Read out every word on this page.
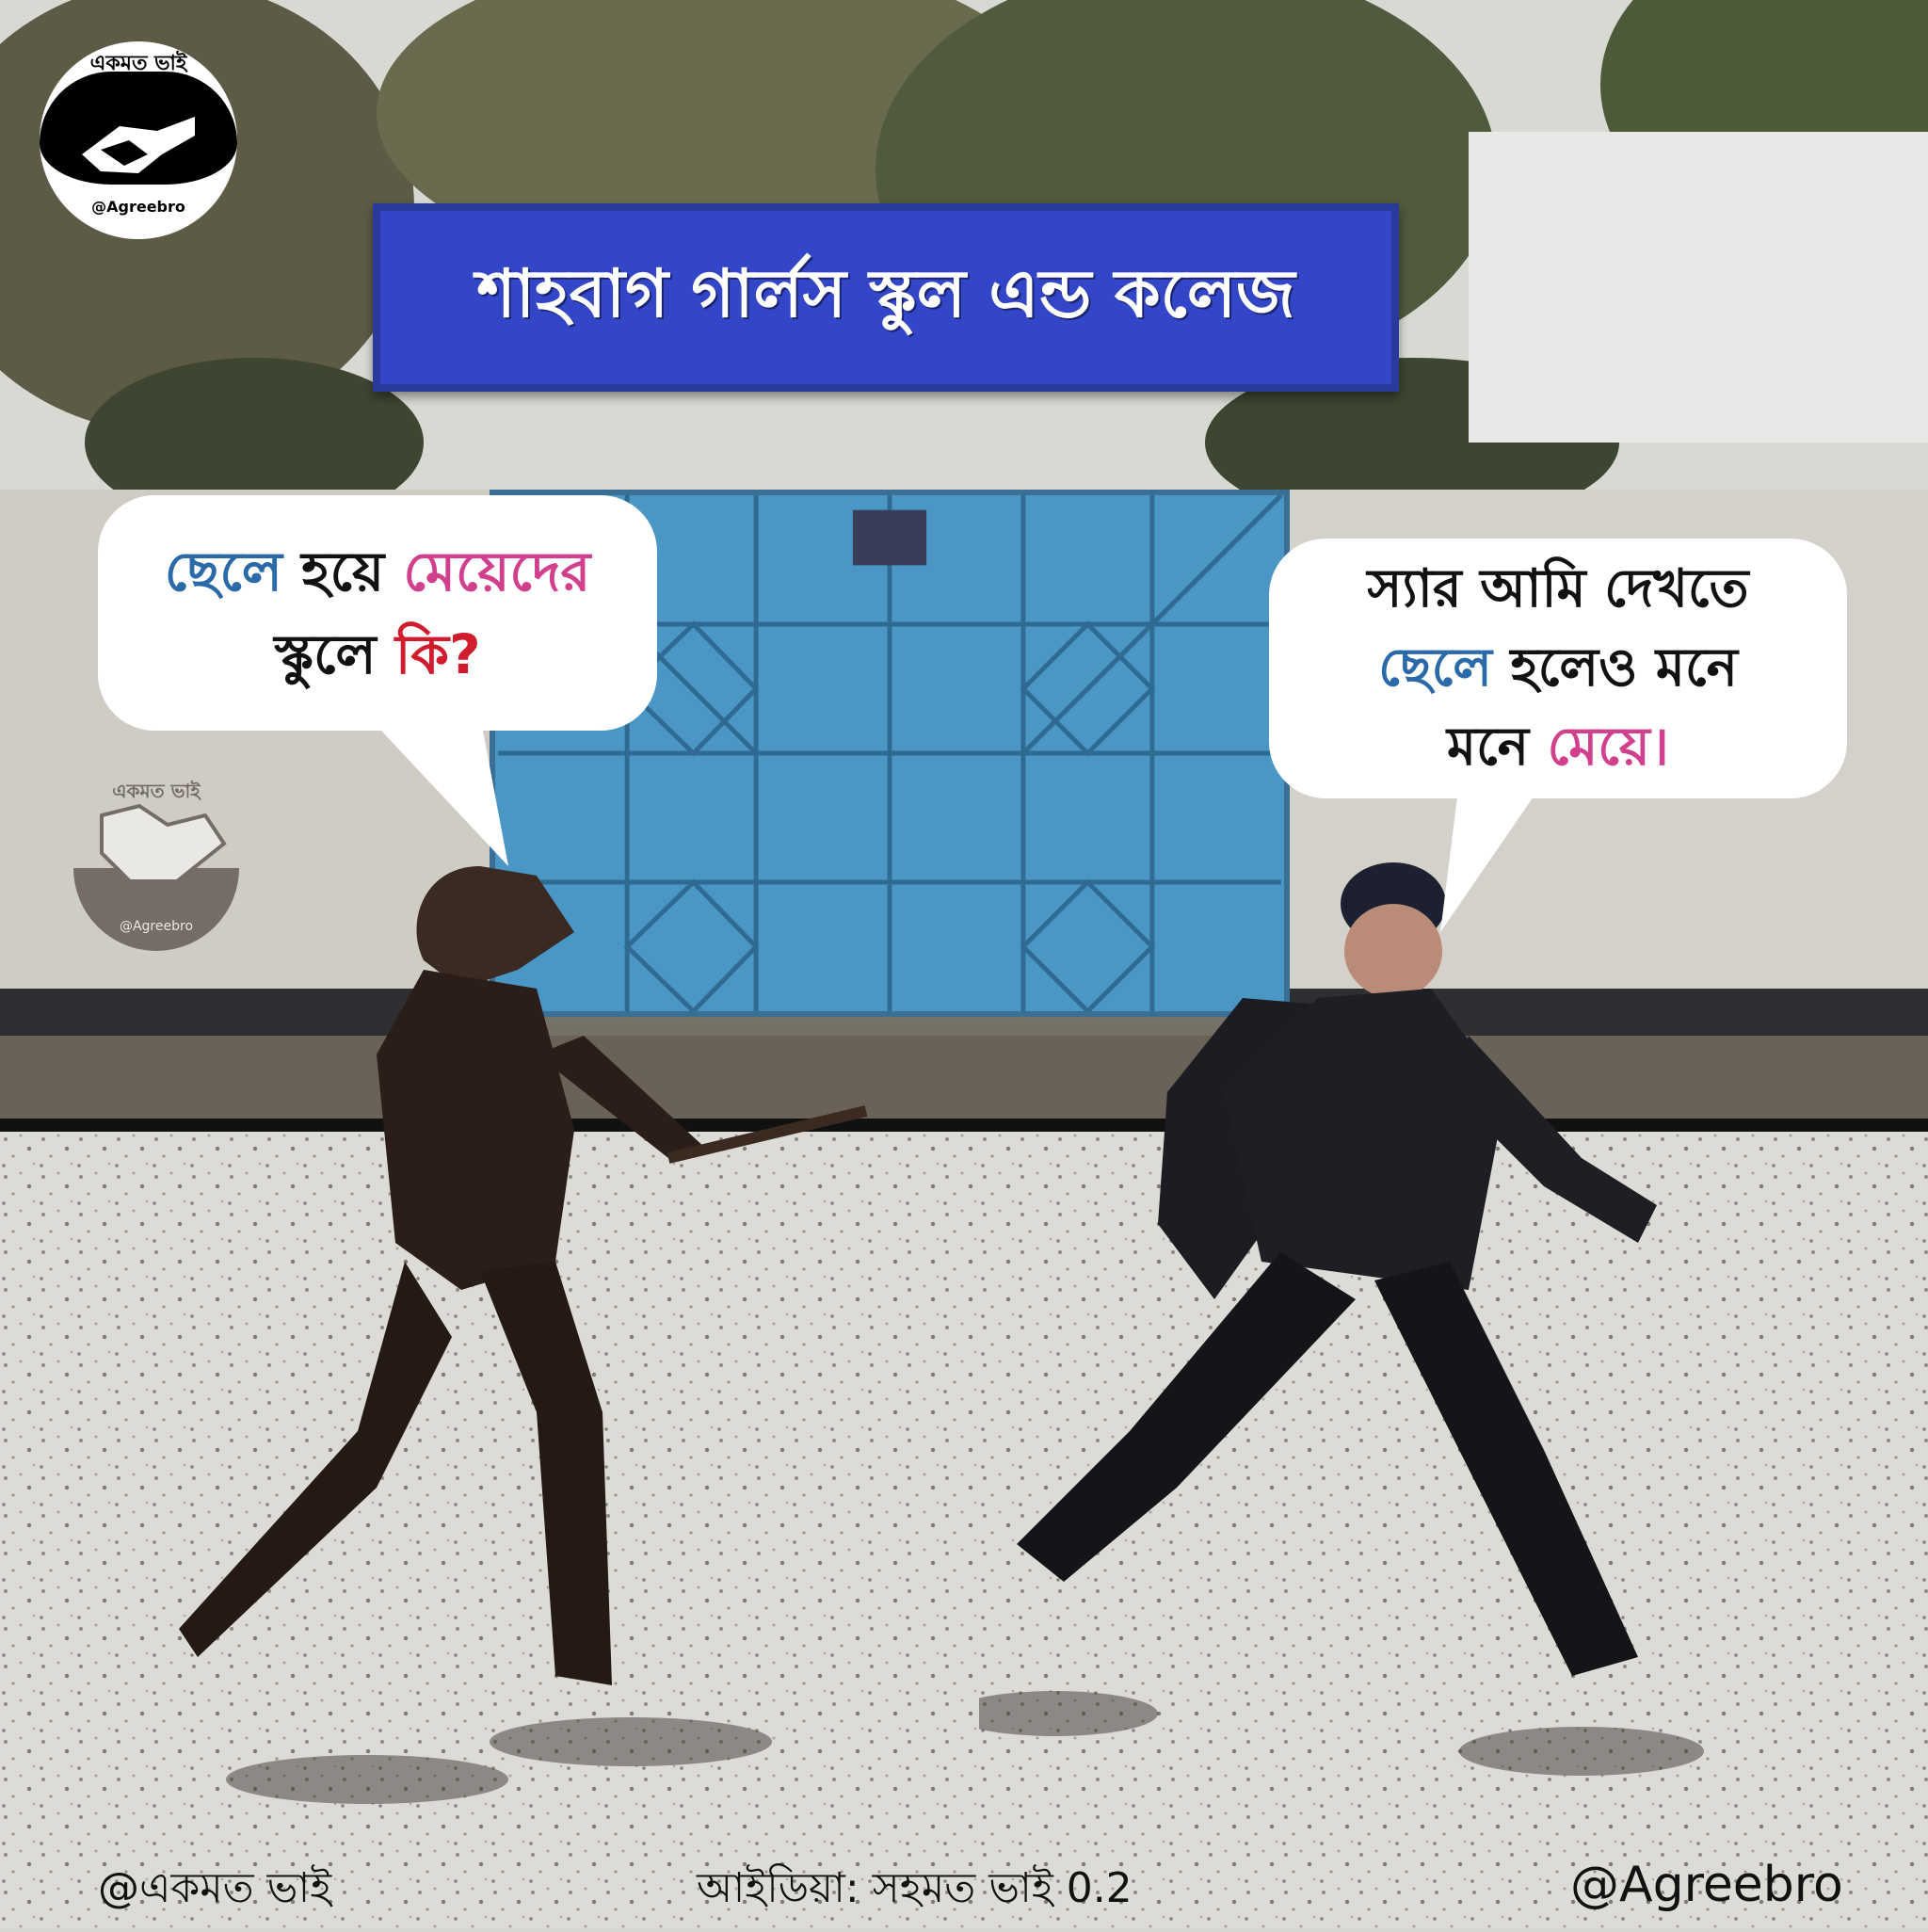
শাহবাগ গার্লস স্কুল এন্ড কলেজ
ছেলে হয়ে মেয়েদের
স্কুলে কি?
স্যার আমি দেখতে
ছেলে হলেও মনে
মনে মেয়ে।
একমত ভাই
@Agreebro
একমত ভাই
@Agreebro
@একমত ভাই	আইডিয়া: সহমত ভাই 0.2	@Agreebro
